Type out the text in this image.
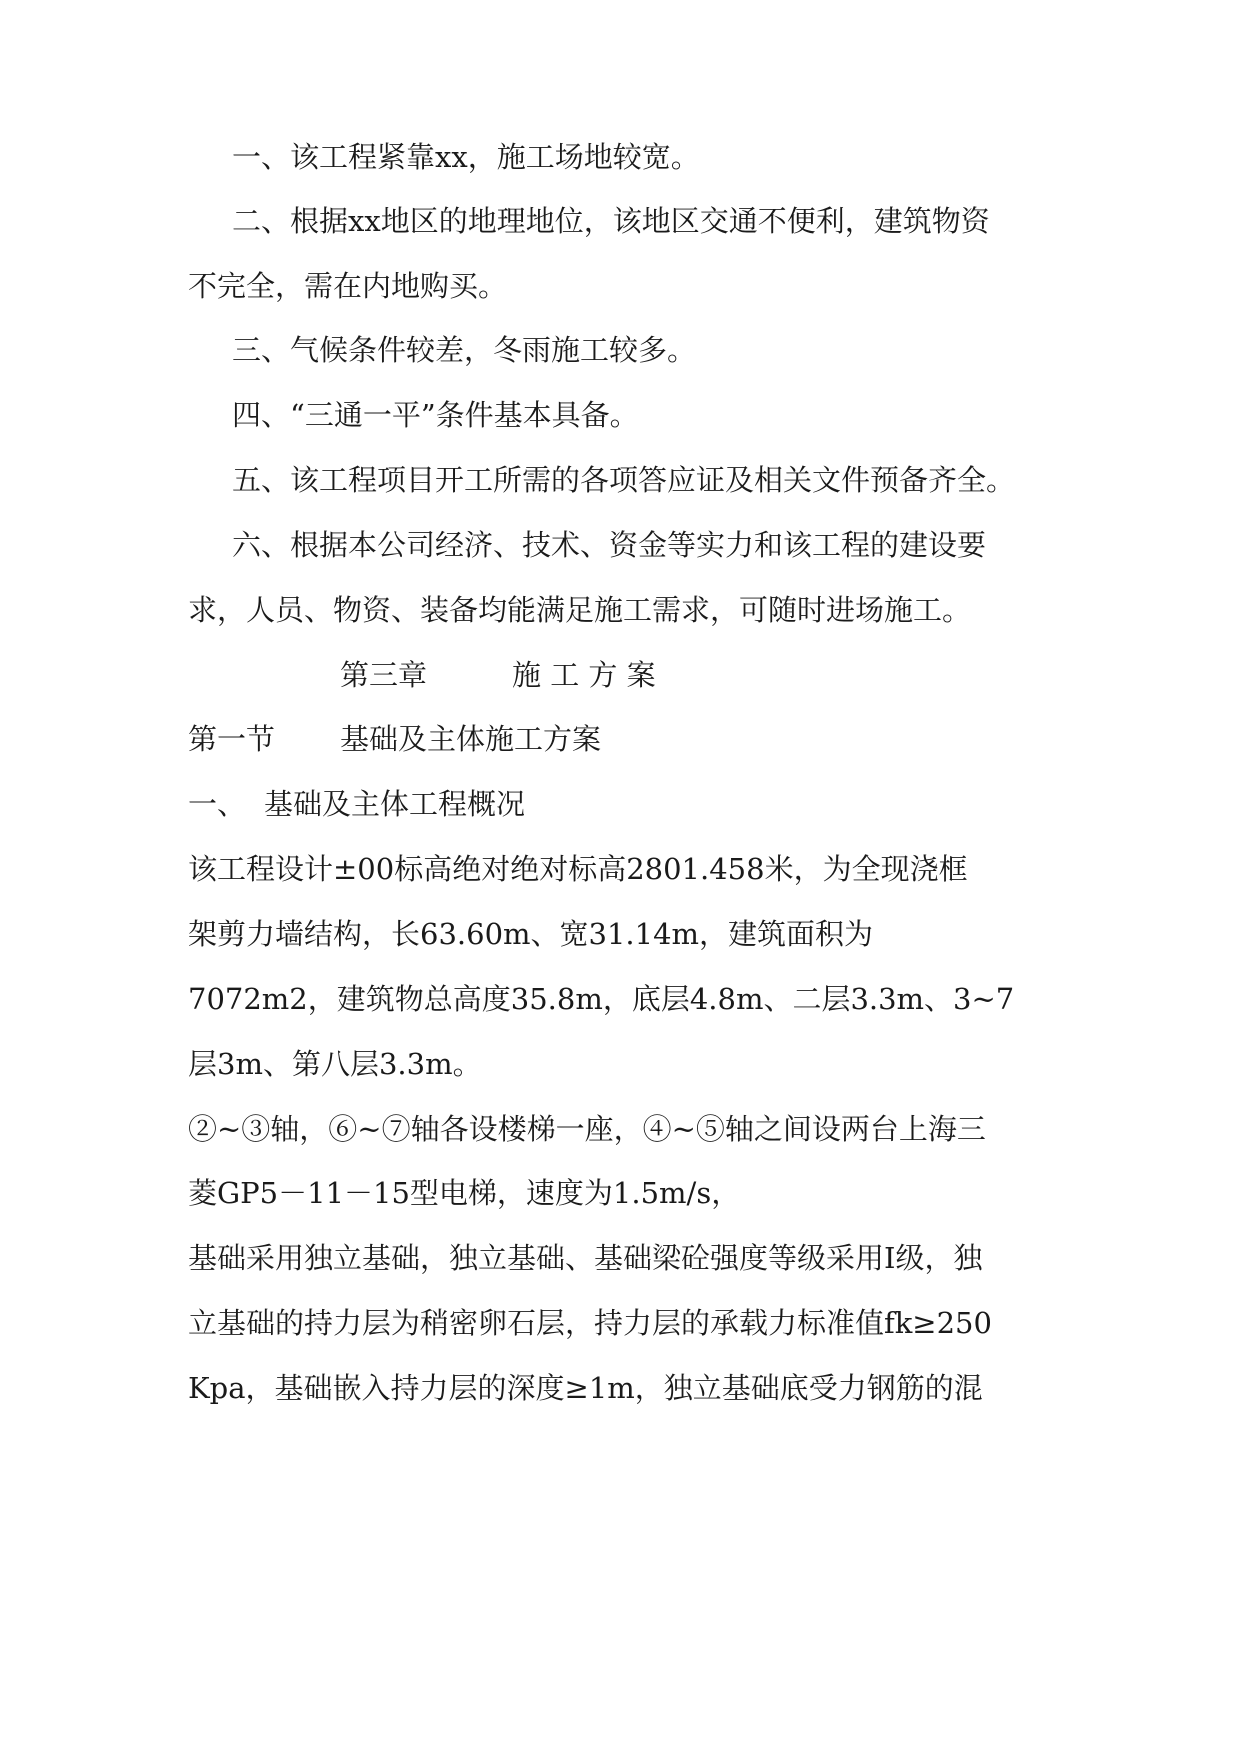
一、该工程紧靠xx，施工场地较宽。
二、根据xx地区的地理地位，该地区交通不便利，建筑物资
不完全，需在内地购买。
三、气候条件较差，冬雨施工较多。
四、“三通一平”条件基本具备。
五、该工程项目开工所需的各项答应证及相关文件预备齐全。
六、根据本公司经济、技术、资金等实力和该工程的建设要
求，人员、物资、装备均能满足施工需求，可随时进场施工。
第三章	施 工 方 案
第一节 基础及主体施工方案
一、 基础及主体工程概况
该工程设计±00标高绝对绝对标高2801.458米，为全现浇框
架剪力墙结构，长63.60m、宽31.14m，建筑面积为
7072m2，建筑物总高度35.8m，底层4.8m、二层3.3m、3~7
层3m、第八层3.3m。
②~③轴，⑥~⑦轴各设楼梯一座，④~⑤轴之间设两台上海三
菱GP5－11－15型电梯，速度为1.5m/s，
基础采用独立基础，独立基础、基础梁砼强度等级采用Ⅰ级，独
立基础的持力层为稍密卵石层，持力层的承载力标准值fk≥250
Kpa，基础嵌入持力层的深度≥1m，独立基础底受力钢筋的混
